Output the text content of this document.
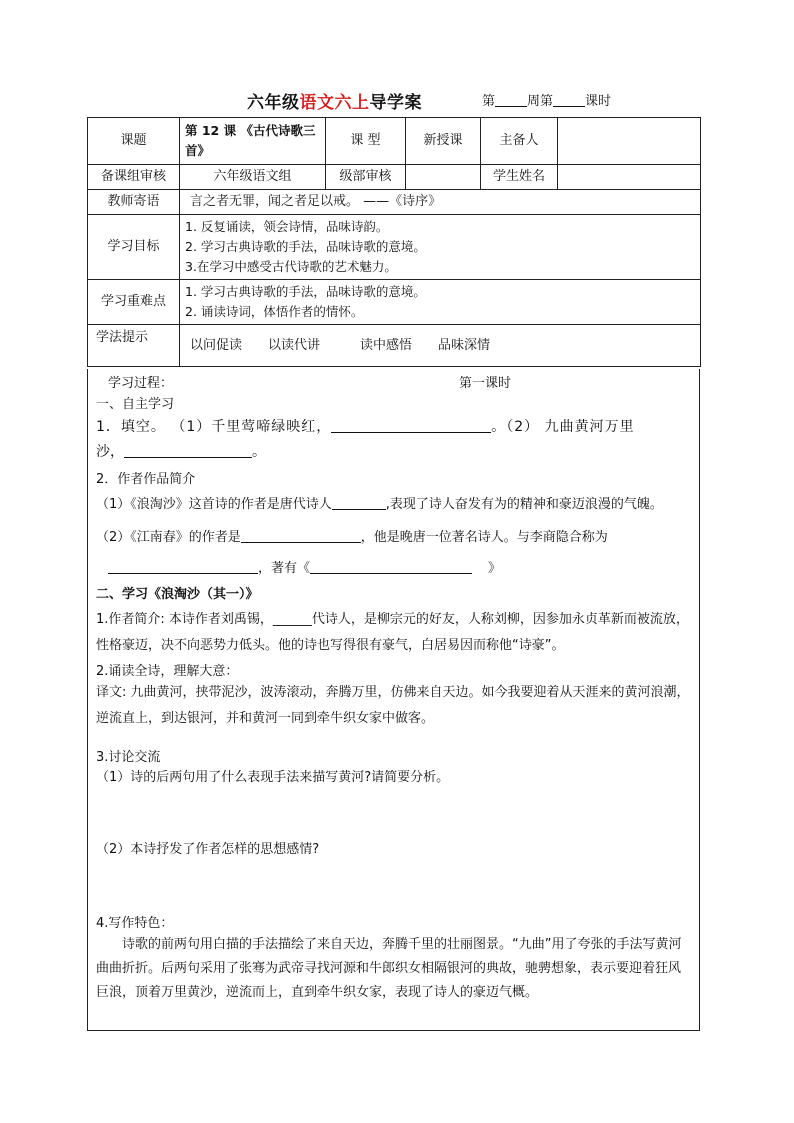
六年级语文六上导学案	第 周第 课时
课题	第 12 课 《古代诗歌三首》	课 型	新授课	主备人	
备课组审核	六年级语文组	级部审核		学生姓名	
教师寄语	言之者无罪，闻之者足以戒。 ——《诗序》				
学习目标	1. 反复诵读，领会诗情，品味诗韵。
2. 学习古典诗歌的手法，品味诗歌的意境。
3.在学习中感受古代诗歌的艺术魅力。				

学习重难点	1. 学习古典诗歌的手法，品味诗歌的意境。
2. 诵读诗词，体悟作者的情怀。				

学法提示	以问促读 以读代讲 读中感悟 品味深情				
学习过程：	第一课时
一、自主学习
1．填空。 （1）千里莺啼绿映红，	。（2） 九曲黄河万里
沙，	。
2．作者作品简介
（1）《浪淘沙》这首诗的作者是唐代诗人	,表现了诗人奋发有为的精神和豪迈浪漫的气魄。
（2）《江南春》的作者是	，他是晚唐一位著名诗人。与李商隐合称为
，著有《	》
二、学习《浪淘沙（其一）》
1.作者简介: 本诗作者刘禹锡，______代诗人，是柳宗元的好友，人称刘柳，因参加永贞革新而被流放，性格豪迈，决不向恶势力低头。他的诗也写得很有豪气，白居易因而称他“诗豪”。
2.诵读全诗，理解大意：
译文: 九曲黄河，挟带泥沙，波涛滚动，奔腾万里，仿佛来自天边。如今我要迎着从天涯来的黄河浪潮，逆流直上，到达银河，并和黄河一同到牵牛织女家中做客。
3.讨论交流
（1）诗的后两句用了什么表现手法来描写黄河?请简要分析。
（2）本诗抒发了作者怎样的思想感情?
4.写作特色：
诗歌的前两句用白描的手法描绘了来自天边，奔腾千里的壮丽图景。“九曲”用了夸张的手法写黄河曲曲折折。后两句采用了张骞为武帝寻找河源和牛郎织女相隔银河的典故，驰骋想象，表示要迎着狂风巨浪，顶着万里黄沙，逆流而上，直到牵牛织女家，表现了诗人的豪迈气概。
